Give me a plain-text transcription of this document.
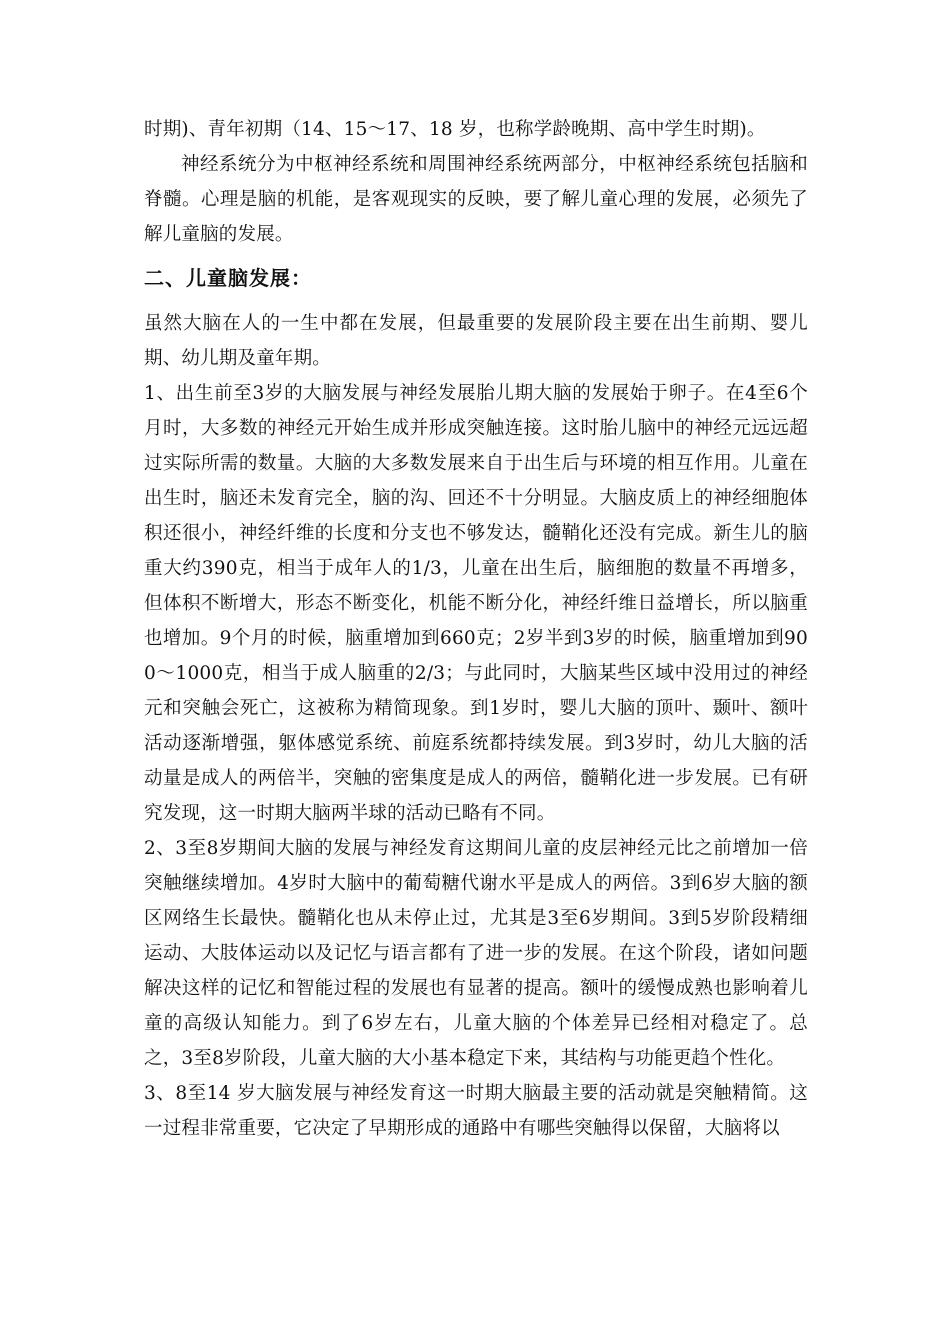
时期)、青年初期（14、15～17、18 岁，也称学龄晚期、高中学生时期)。

神经系统分为中枢神经系统和周围神经系统两部分，中枢神经系统包括脑和脊髓。心理是脑的机能，是客观现实的反映，要了解儿童心理的发展，必须先了解儿童脑的发展。

二、儿童脑发展：

虽然大脑在人的一生中都在发展，但最重要的发展阶段主要在出生前期、婴儿期、幼儿期及童年期。

1、出生前至3岁的大脑发展与神经发展胎儿期大脑的发展始于卵子。在4至6个月时，大多数的神经元开始生成并形成突触连接。这时胎儿脑中的神经元远远超过实际所需的数量。大脑的大多数发展来自于出生后与环境的相互作用。儿童在出生时，脑还未发育完全，脑的沟、回还不十分明显。大脑皮质上的神经细胞体积还很小，神经纤维的长度和分支也不够发达，髓鞘化还没有完成。新生儿的脑重大约390克，相当于成年人的1/3，儿童在出生后，脑细胞的数量不再增多，但体积不断增大，形态不断变化，机能不断分化，神经纤维日益增长，所以脑重也增加。9个月的时候，脑重增加到660克；2岁半到3岁的时候，脑重增加到900～1000克，相当于成人脑重的2/3；与此同时，大脑某些区域中没用过的神经元和突触会死亡，这被称为精简现象。到1岁时，婴儿大脑的顶叶、颞叶、额叶活动逐渐增强，躯体感觉系统、前庭系统都持续发展。到3岁时，幼儿大脑的活动量是成人的两倍半，突触的密集度是成人的两倍，髓鞘化进一步发展。已有研究发现，这一时期大脑两半球的活动已略有不同。

2、3至8岁期间大脑的发展与神经发育这期间儿童的皮层神经元比之前增加一倍突触继续增加。4岁时大脑中的葡萄糖代谢水平是成人的两倍。3到6岁大脑的额区网络生长最快。髓鞘化也从未停止过，尤其是3至6岁期间。3到5岁阶段精细运动、大肢体运动以及记忆与语言都有了进一步的发展。在这个阶段，诸如问题解决这样的记忆和智能过程的发展也有显著的提高。额叶的缓慢成熟也影响着儿童的高级认知能力。到了6岁左右，儿童大脑的个体差异已经相对稳定了。总之，3至8岁阶段，儿童大脑的大小基本稳定下来，其结构与功能更趋个性化。

3、8至14 岁大脑发展与神经发育这一时期大脑最主要的活动就是突触精简。这一过程非常重要，它决定了早期形成的通路中有哪些突触得以保留，大脑将以
